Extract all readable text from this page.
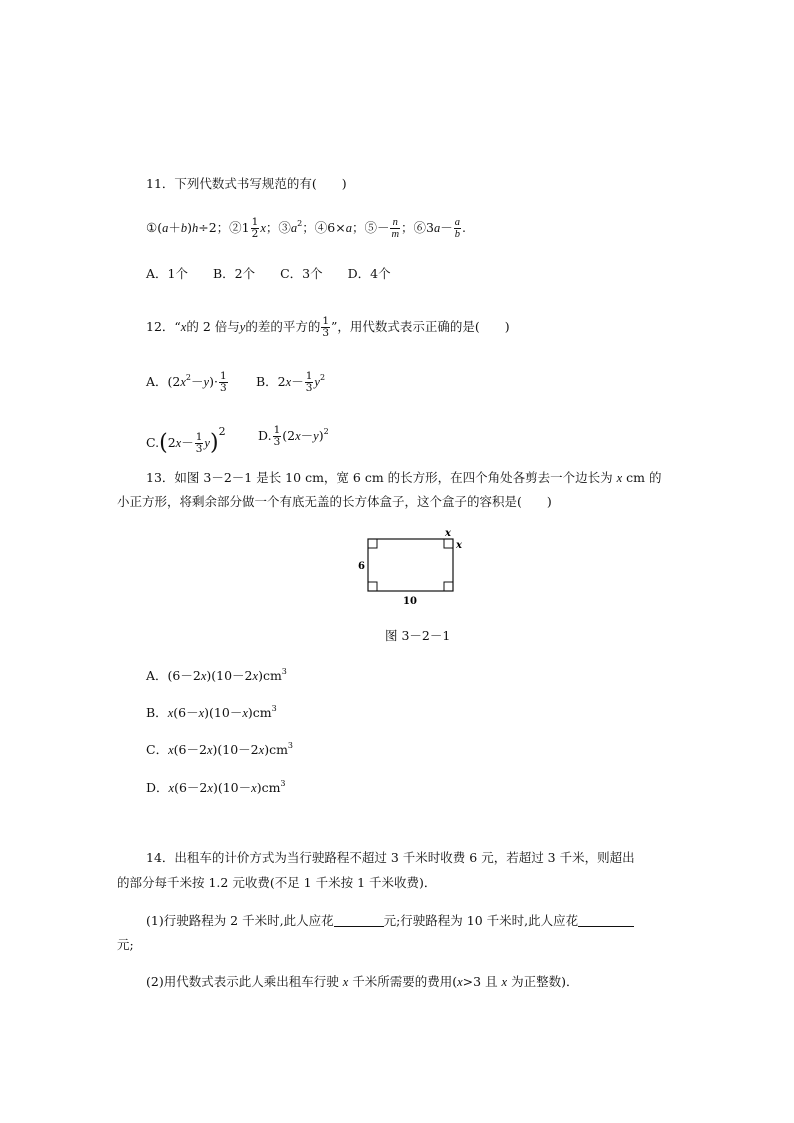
11．下列代数式书写规范的有(　　)
①(a＋b)h÷2；②1 $\frac{1}{2}$ x；$③a^2$；④6×a；⑤－ $\frac{n}{m}$ ；⑥3a－ $\frac{a}{b}$ .
A．1个　　B．2个　　C．3个　　D．4个
12．“x的 2 倍与y的差的平方的 $\frac{1}{3}$ ”，用代数式表示正确的是(　　)
A．$(2x^2-y)\cdot \frac{1}{3}$ B．$2x- \frac{1}{3} y^2$
$C.(2x- \frac{1}{3} y)^2$	D. $\frac{1}{3} (2x-y)^2$
13．如图 3－2－1 是长 10 cm，宽 6 cm 的长方形，在四个角处各剪去一个边长为 x cm 的
小正方形，将剩余部分做一个有底无盖的长方体盒子，这个盒子的容积是(　　)
x
x
6
10
图 3－2－1
A．$(6-2x)(10-2x)cm^3$
B．$x(6-x)(10-x)cm^3$
C．$x(6-2x)(10-2x)cm^3$
D．$x(6-2x)(10-x)cm^3$
14．出租车的计价方式为当行驶路程不超过 3 千米时收费 6 元，若超过 3 千米，则超出
的部分每千米按 1.2 元收费(不足 1 千米按 1 千米收费)．
(1)行驶路程为 2 千米时,此人应花	元;行驶路程为 10 千米时,此人应花
元;
(2)用代数式表示此人乘出租车行驶 x 千米所需要的费用(x>3 且 x 为正整数)．
